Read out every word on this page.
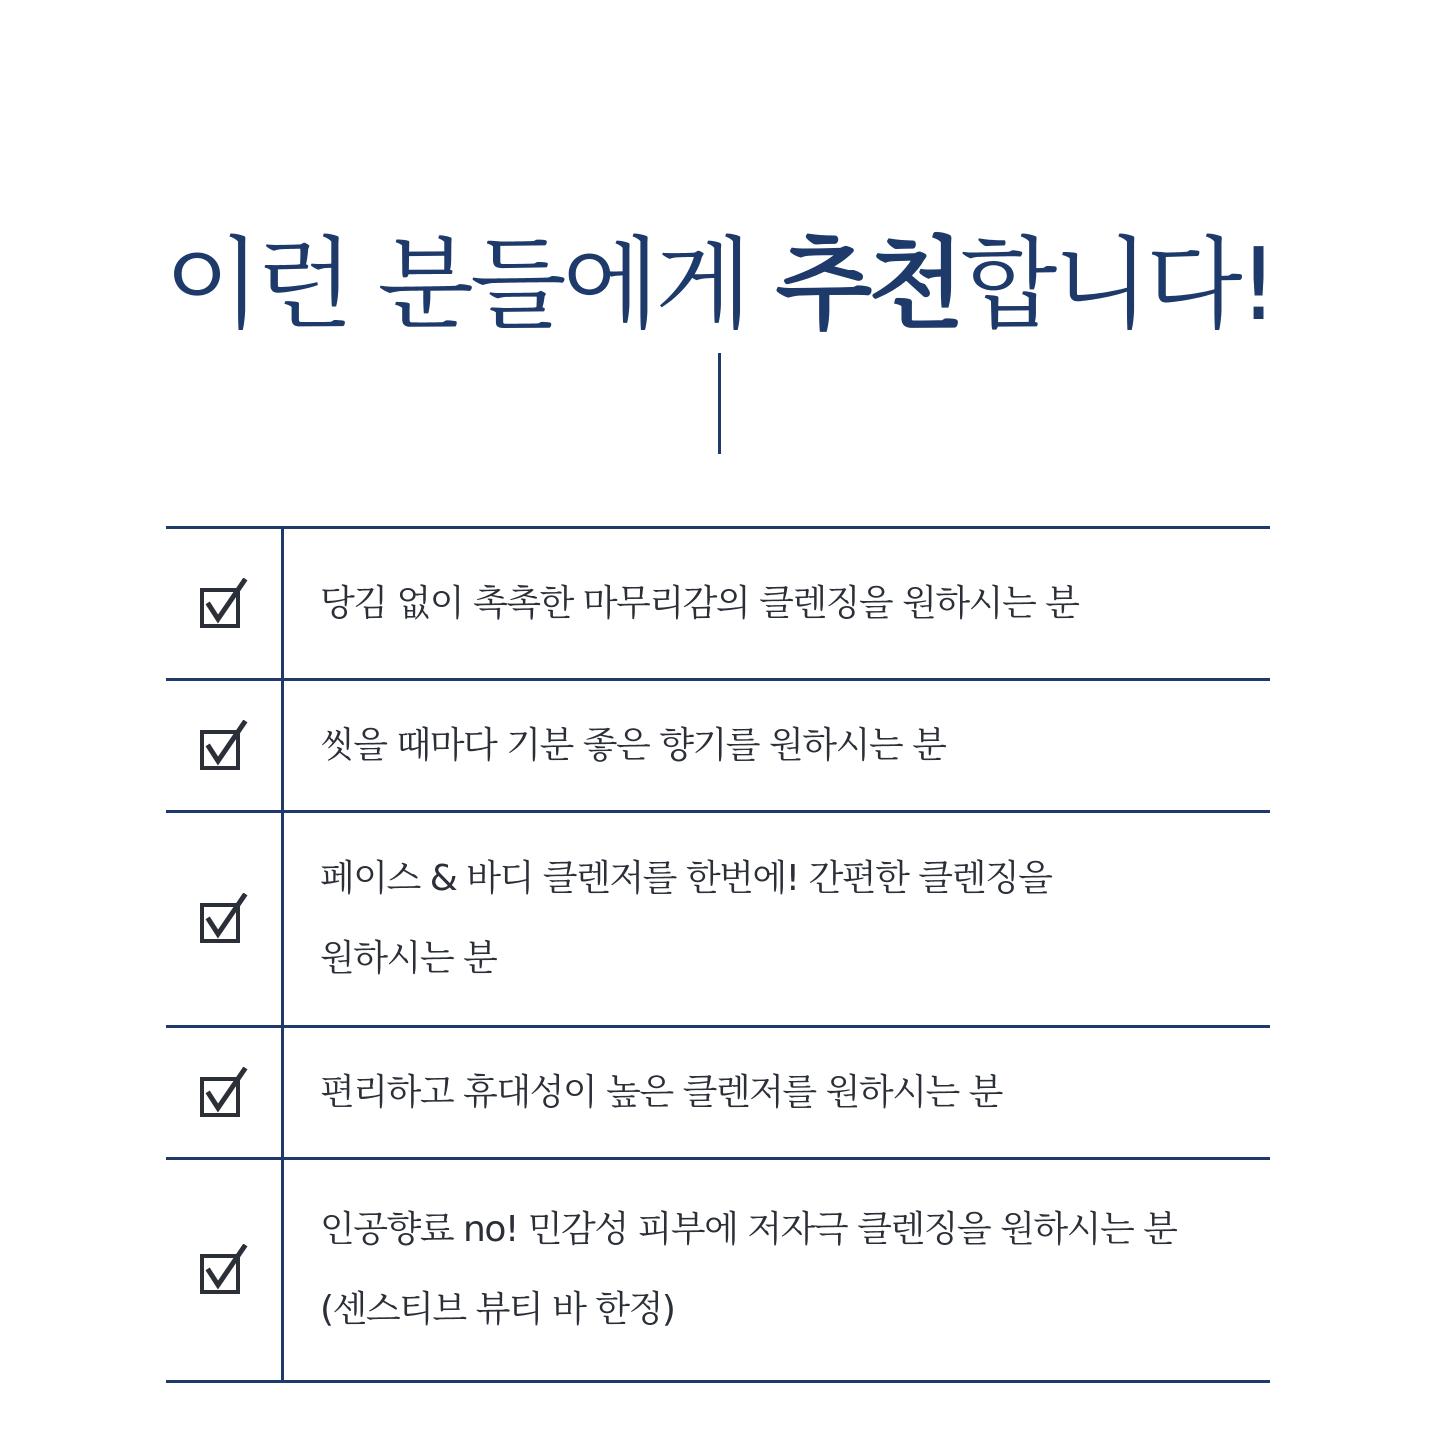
이런 분들에게 추천합니다!
당김 없이 촉촉한 마무리감의 클렌징을 원하시는 분
씻을 때마다 기분 좋은 향기를 원하시는 분
페이스 & 바디 클렌저를 한번에! 간편한 클렌징을
원하시는 분
편리하고 휴대성이 높은 클렌저를 원하시는 분
인공향료 no! 민감성 피부에 저자극 클렌징을 원하시는 분
(센스티브 뷰티 바 한정)
